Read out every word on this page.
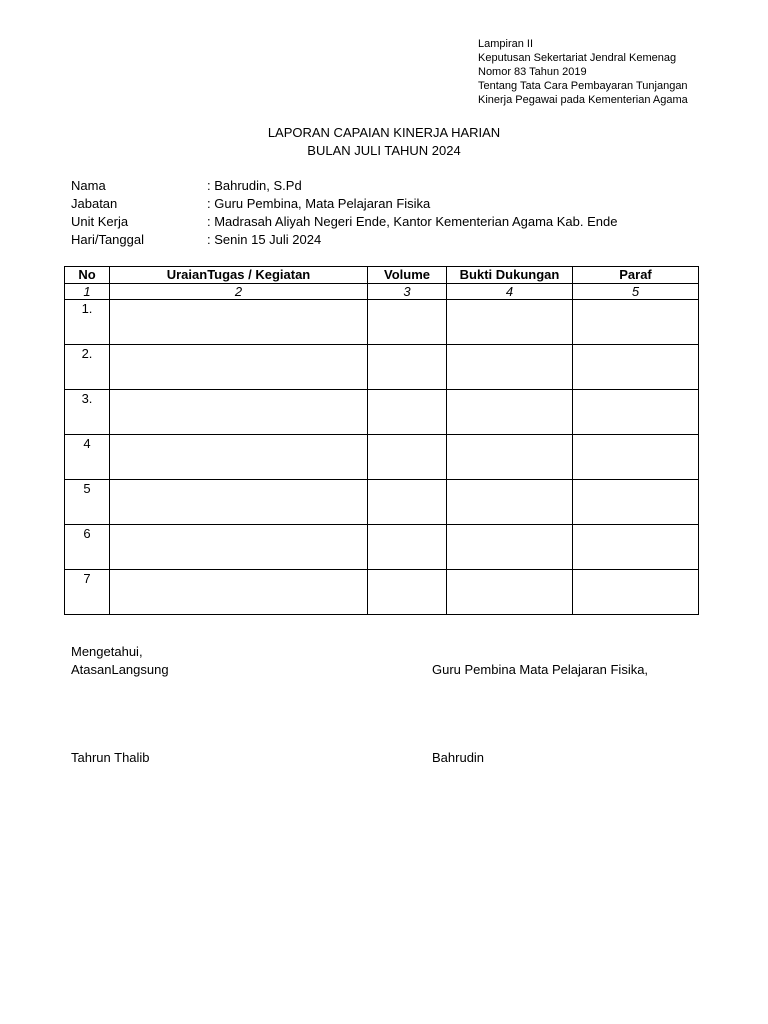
Lampiran II
Keputusan Sekertariat Jendral Kemenag
Nomor 83 Tahun 2019
Tentang Tata Cara Pembayaran Tunjangan
Kinerja Pegawai pada Kementerian Agama
LAPORAN CAPAIAN KINERJA HARIAN
BULAN JULI TAHUN 2024
Nama	: Bahrudin, S.Pd
Jabatan	: Guru Pembina, Mata Pelajaran Fisika
Unit Kerja	: Madrasah Aliyah Negeri Ende, Kantor Kementerian Agama Kab. Ende
Hari/Tanggal	: Senin 15 Juli 2024
No	UraianTugas / Kegiatan	Volume	Bukti Dukungan	Paraf
1	2	3	4	5
1.				
2.				
3.				
4				
5				
6				
7				
Mengetahui,
AtasanLangsung	Guru Pembina Mata Pelajaran Fisika,
Tahrun Thalib	Bahrudin
